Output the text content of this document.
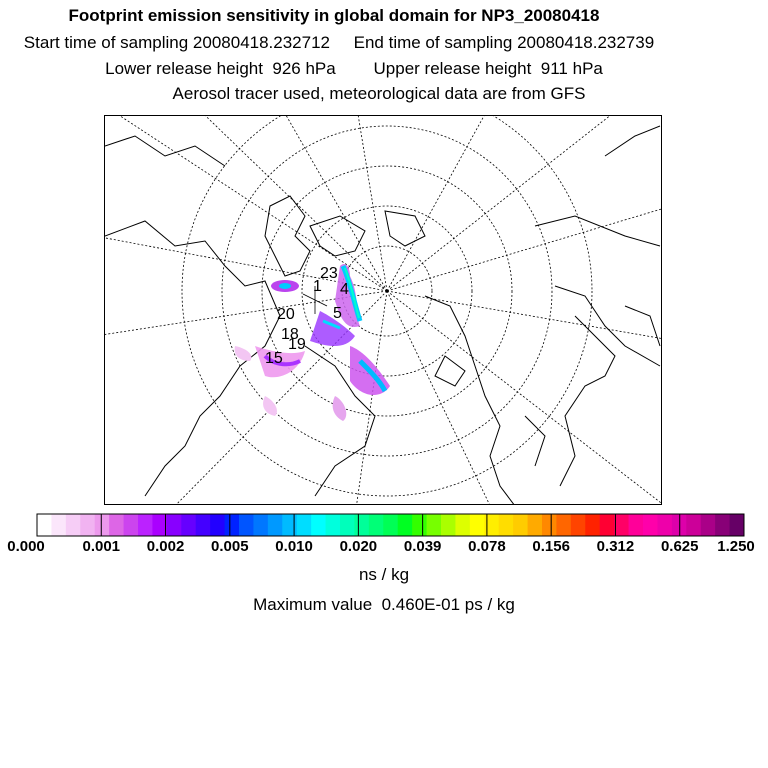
Footprint emission sensitivity in global domain for NP3_20080418
Start time of sampling 20080418.232712     End time of sampling 20080418.232739
Lower release height  926 hPa        Upper release height  911 hPa
Aerosol tracer used, meteorological data are from GFS
23
1 4
5
20
18
19
15
0.000	0.001 0.002 0.005 0.010 0.020 0.039 0.078 0.156 0.312 0.625 1.250
ns / kg
Maximum value  0.460E-01 ps / kg
